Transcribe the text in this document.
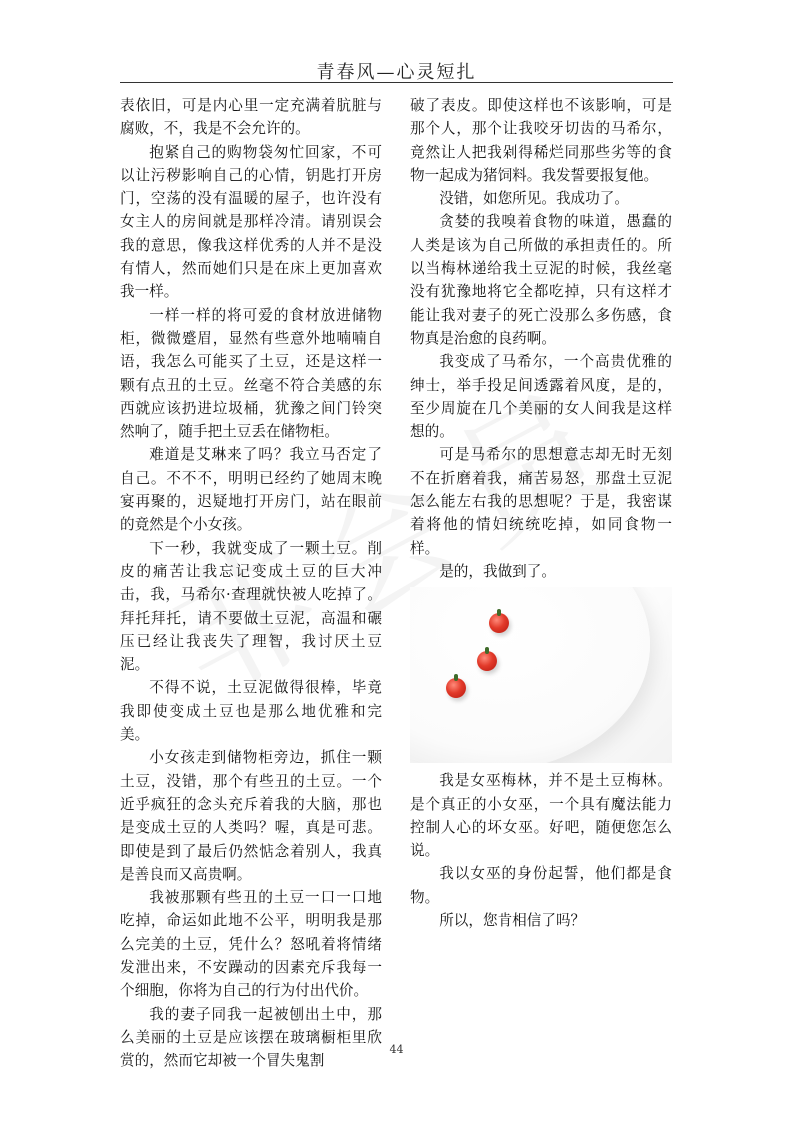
青春风—心灵短扎

表依旧，可是内心里一定充满着肮脏与腐败，不，我是不会允许的。

抱紧自己的购物袋匆忙回家，不可以让污秽影响自己的心情，钥匙打开房门，空荡的没有温暖的屋子，也许没有女主人的房间就是那样冷清。请别误会我的意思，像我这样优秀的人并不是没有情人，然而她们只是在床上更加喜欢我一样。

一样一样的将可爱的食材放进储物柜，微微蹙眉，显然有些意外地喃喃自语，我怎么可能买了土豆，还是这样一颗有点丑的土豆。丝毫不符合美感的东西就应该扔进垃圾桶，犹豫之间门铃突然响了，随手把土豆丢在储物柜。

难道是艾琳来了吗？我立马否定了自己。不不不，明明已经约了她周末晚宴再聚的，迟疑地打开房门，站在眼前的竟然是个小女孩。

下一秒，我就变成了一颗土豆。削皮的痛苦让我忘记变成土豆的巨大冲击，我，马希尔·查理就快被人吃掉了。拜托拜托，请不要做土豆泥，高温和碾压已经让我丧失了理智，我讨厌土豆泥。

不得不说，土豆泥做得很棒，毕竟我即使变成土豆也是那么地优雅和完美。

小女孩走到储物柜旁边，抓住一颗土豆，没错，那个有些丑的土豆。一个近乎疯狂的念头充斥着我的大脑，那也是变成土豆的人类吗？喔，真是可悲。即使是到了最后仍然惦念着别人，我真是善良而又高贵啊。

我被那颗有些丑的土豆一口一口地吃掉，命运如此地不公平，明明我是那么完美的土豆，凭什么？怒吼着将情绪发泄出来，不安躁动的因素充斥我每一个细胞，你将为自己的行为付出代价。

我的妻子同我一起被刨出土中，那么美丽的土豆是应该摆在玻璃橱柜里欣赏的，然而它却被一个冒失鬼割

破了表皮。即使这样也不该影响，可是那个人，那个让我咬牙切齿的马希尔，竟然让人把我剁得稀烂同那些劣等的食物一起成为猪饲料。我发誓要报复他。

没错，如您所见。我成功了。

贪婪的我嗅着食物的味道，愚蠢的人类是该为自己所做的承担责任的。所以当梅林递给我土豆泥的时候，我丝毫没有犹豫地将它全都吃掉，只有这样才能让我对妻子的死亡没那么多伤感，食物真是治愈的良药啊。

我变成了马希尔，一个高贵优雅的绅士，举手投足间透露着风度，是的，至少周旋在几个美丽的女人间我是这样想的。

可是马希尔的思想意志却无时无刻不在折磨着我，痛苦易怒，那盘土豆泥怎么能左右我的思想呢？于是，我密谋着将他的情妇统统吃掉，如同食物一样。

是的，我做到了。

我是女巫梅林，并不是土豆梅林。是个真正的小女巫，一个具有魔法能力控制人心的坏女巫。好吧，随便您怎么说。

我以女巫的身份起誓，他们都是食物。

所以，您肯相信了吗？

44
